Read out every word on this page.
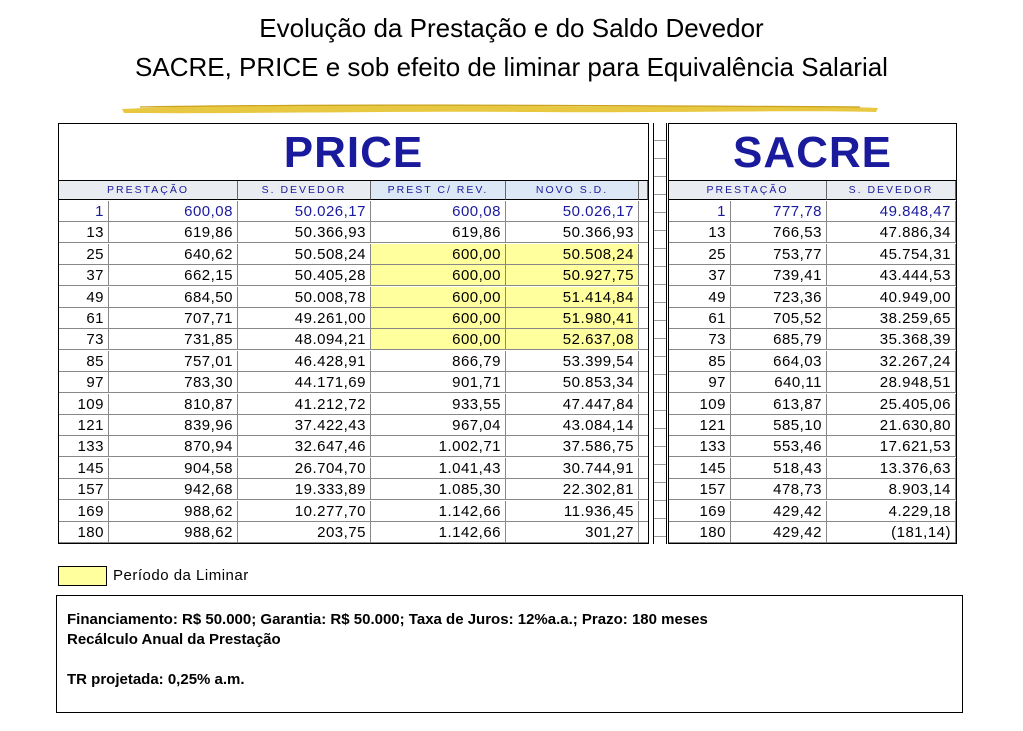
Evolução da Prestação e do Saldo Devedor
SACRE, PRICE e sob efeito de liminar para Equivalência Salarial
PRICE
PRESTAÇÃO	S. DEVEDOR	PREST C/ REV.	NOVO S.D.
1	600,08	50.026,17	600,08	50.026,17
13	619,86	50.366,93	619,86	50.366,93
25	640,62	50.508,24	600,00	50.508,24
37	662,15	50.405,28	600,00	50.927,75
49	684,50	50.008,78	600,00	51.414,84
61	707,71	49.261,00	600,00	51.980,41
73	731,85	48.094,21	600,00	52.637,08
85	757,01	46.428,91	866,79	53.399,54
97	783,30	44.171,69	901,71	50.853,34
109	810,87	41.212,72	933,55	47.447,84
121	839,96	37.422,43	967,04	43.084,14
133	870,94	32.647,46	1.002,71	37.586,75
145	904,58	26.704,70	1.041,43	30.744,91
157	942,68	19.333,89	1.085,30	22.302,81
169	988,62	10.277,70	1.142,66	11.936,45
180	988,62	203,75	1.142,66	301,27
SACRE
PRESTAÇÃO	S. DEVEDOR
1	777,78	49.848,47
13	766,53	47.886,34
25	753,77	45.754,31
37	739,41	43.444,53
49	723,36	40.949,00
61	705,52	38.259,65
73	685,79	35.368,39
85	664,03	32.267,24
97	640,11	28.948,51
109	613,87	25.405,06
121	585,10	21.630,80
133	553,46	17.621,53
145	518,43	13.376,63
157	478,73	8.903,14
169	429,42	4.229,18
180	429,42	(181,14)
Período da Liminar
Financiamento: R$ 50.000; Garantia: R$ 50.000; Taxa de Juros: 12%a.a.; Prazo: 180 meses
Recálculo Anual da Prestação
TR projetada: 0,25% a.m.
